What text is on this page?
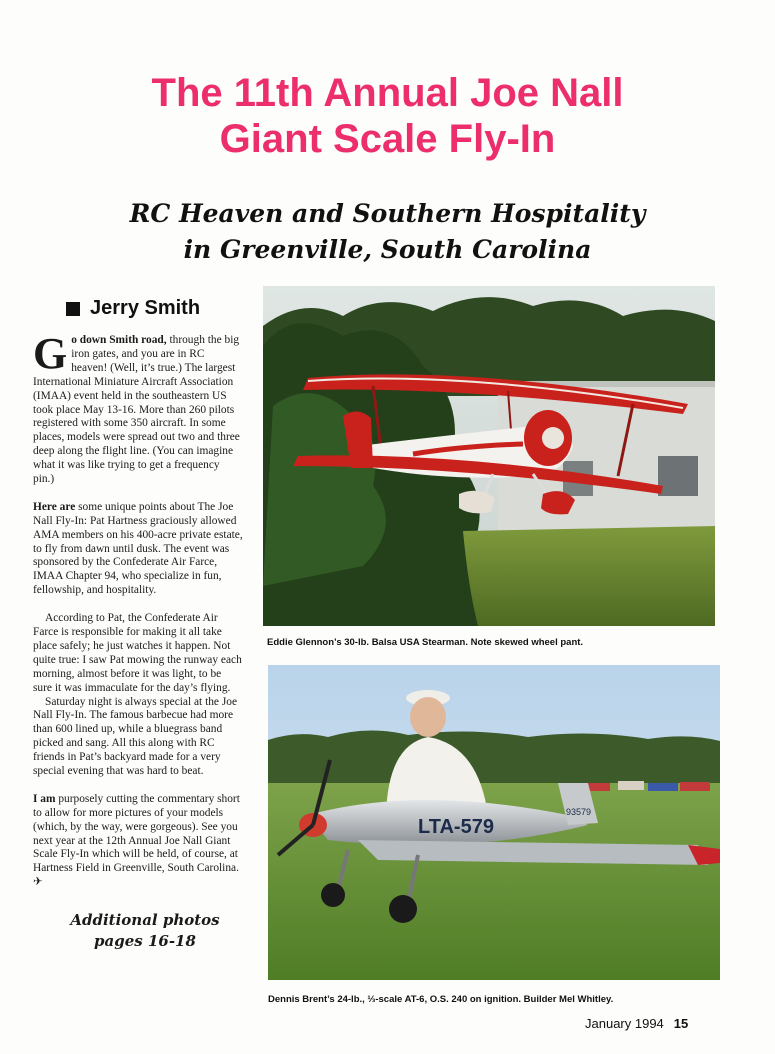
The 11th Annual Joe Nall
Giant Scale Fly-In
RC Heaven and Southern Hospitality
in Greenville, South Carolina
Jerry Smith

Go down Smith road, through the big iron gates, and you are in RC heaven! (Well, it’s true.) The largest International Miniature Aircraft Association (IMAA) event held in the southeastern US took place May 13-16. More than 260 pilots registered with some 350 aircraft. In some places, models were spread out two and three deep along the flight line. (You can imagine what it was like trying to get a frequency pin.)

Here are some unique points about The Joe Nall Fly-In: Pat Hartness graciously allowed AMA members on his 400-acre private estate, to fly from dawn until dusk. The event was sponsored by the Confederate Air Farce, IMAA Chapter 94, who specialize in fun, fellowship, and hospitality.

According to Pat, the Confederate Air Farce is responsible for making it all take place safely; he just watches it happen. Not quite true: I saw Pat mowing the runway each morning, almost before it was light, to be sure it was immaculate for the day’s flying.

Saturday night is always special at the Joe Nall Fly-In. The famous barbecue had more than 600 lined up, while a bluegrass band picked and sang. All this along with RC friends in Pat’s backyard made for a very special evening that was hard to beat.

I am purposely cutting the commentary short to allow for more pictures of your models (which, by the way, were gorgeous). See you next year at the 12th Annual Joe Nall Giant Scale Fly-In which will be held, of course, at Hartness Field in Greenville, South Carolina. ✈

Additional photos
pages 16-18
Eddie Glennon’s 30-lb. Balsa USA Stearman. Note skewed wheel pant.
LTA-579
93579
Dennis Brent’s 24-lb., ⅓-scale AT-6, O.S. 240 on ignition. Builder Mel Whitley.
January 1994 15
